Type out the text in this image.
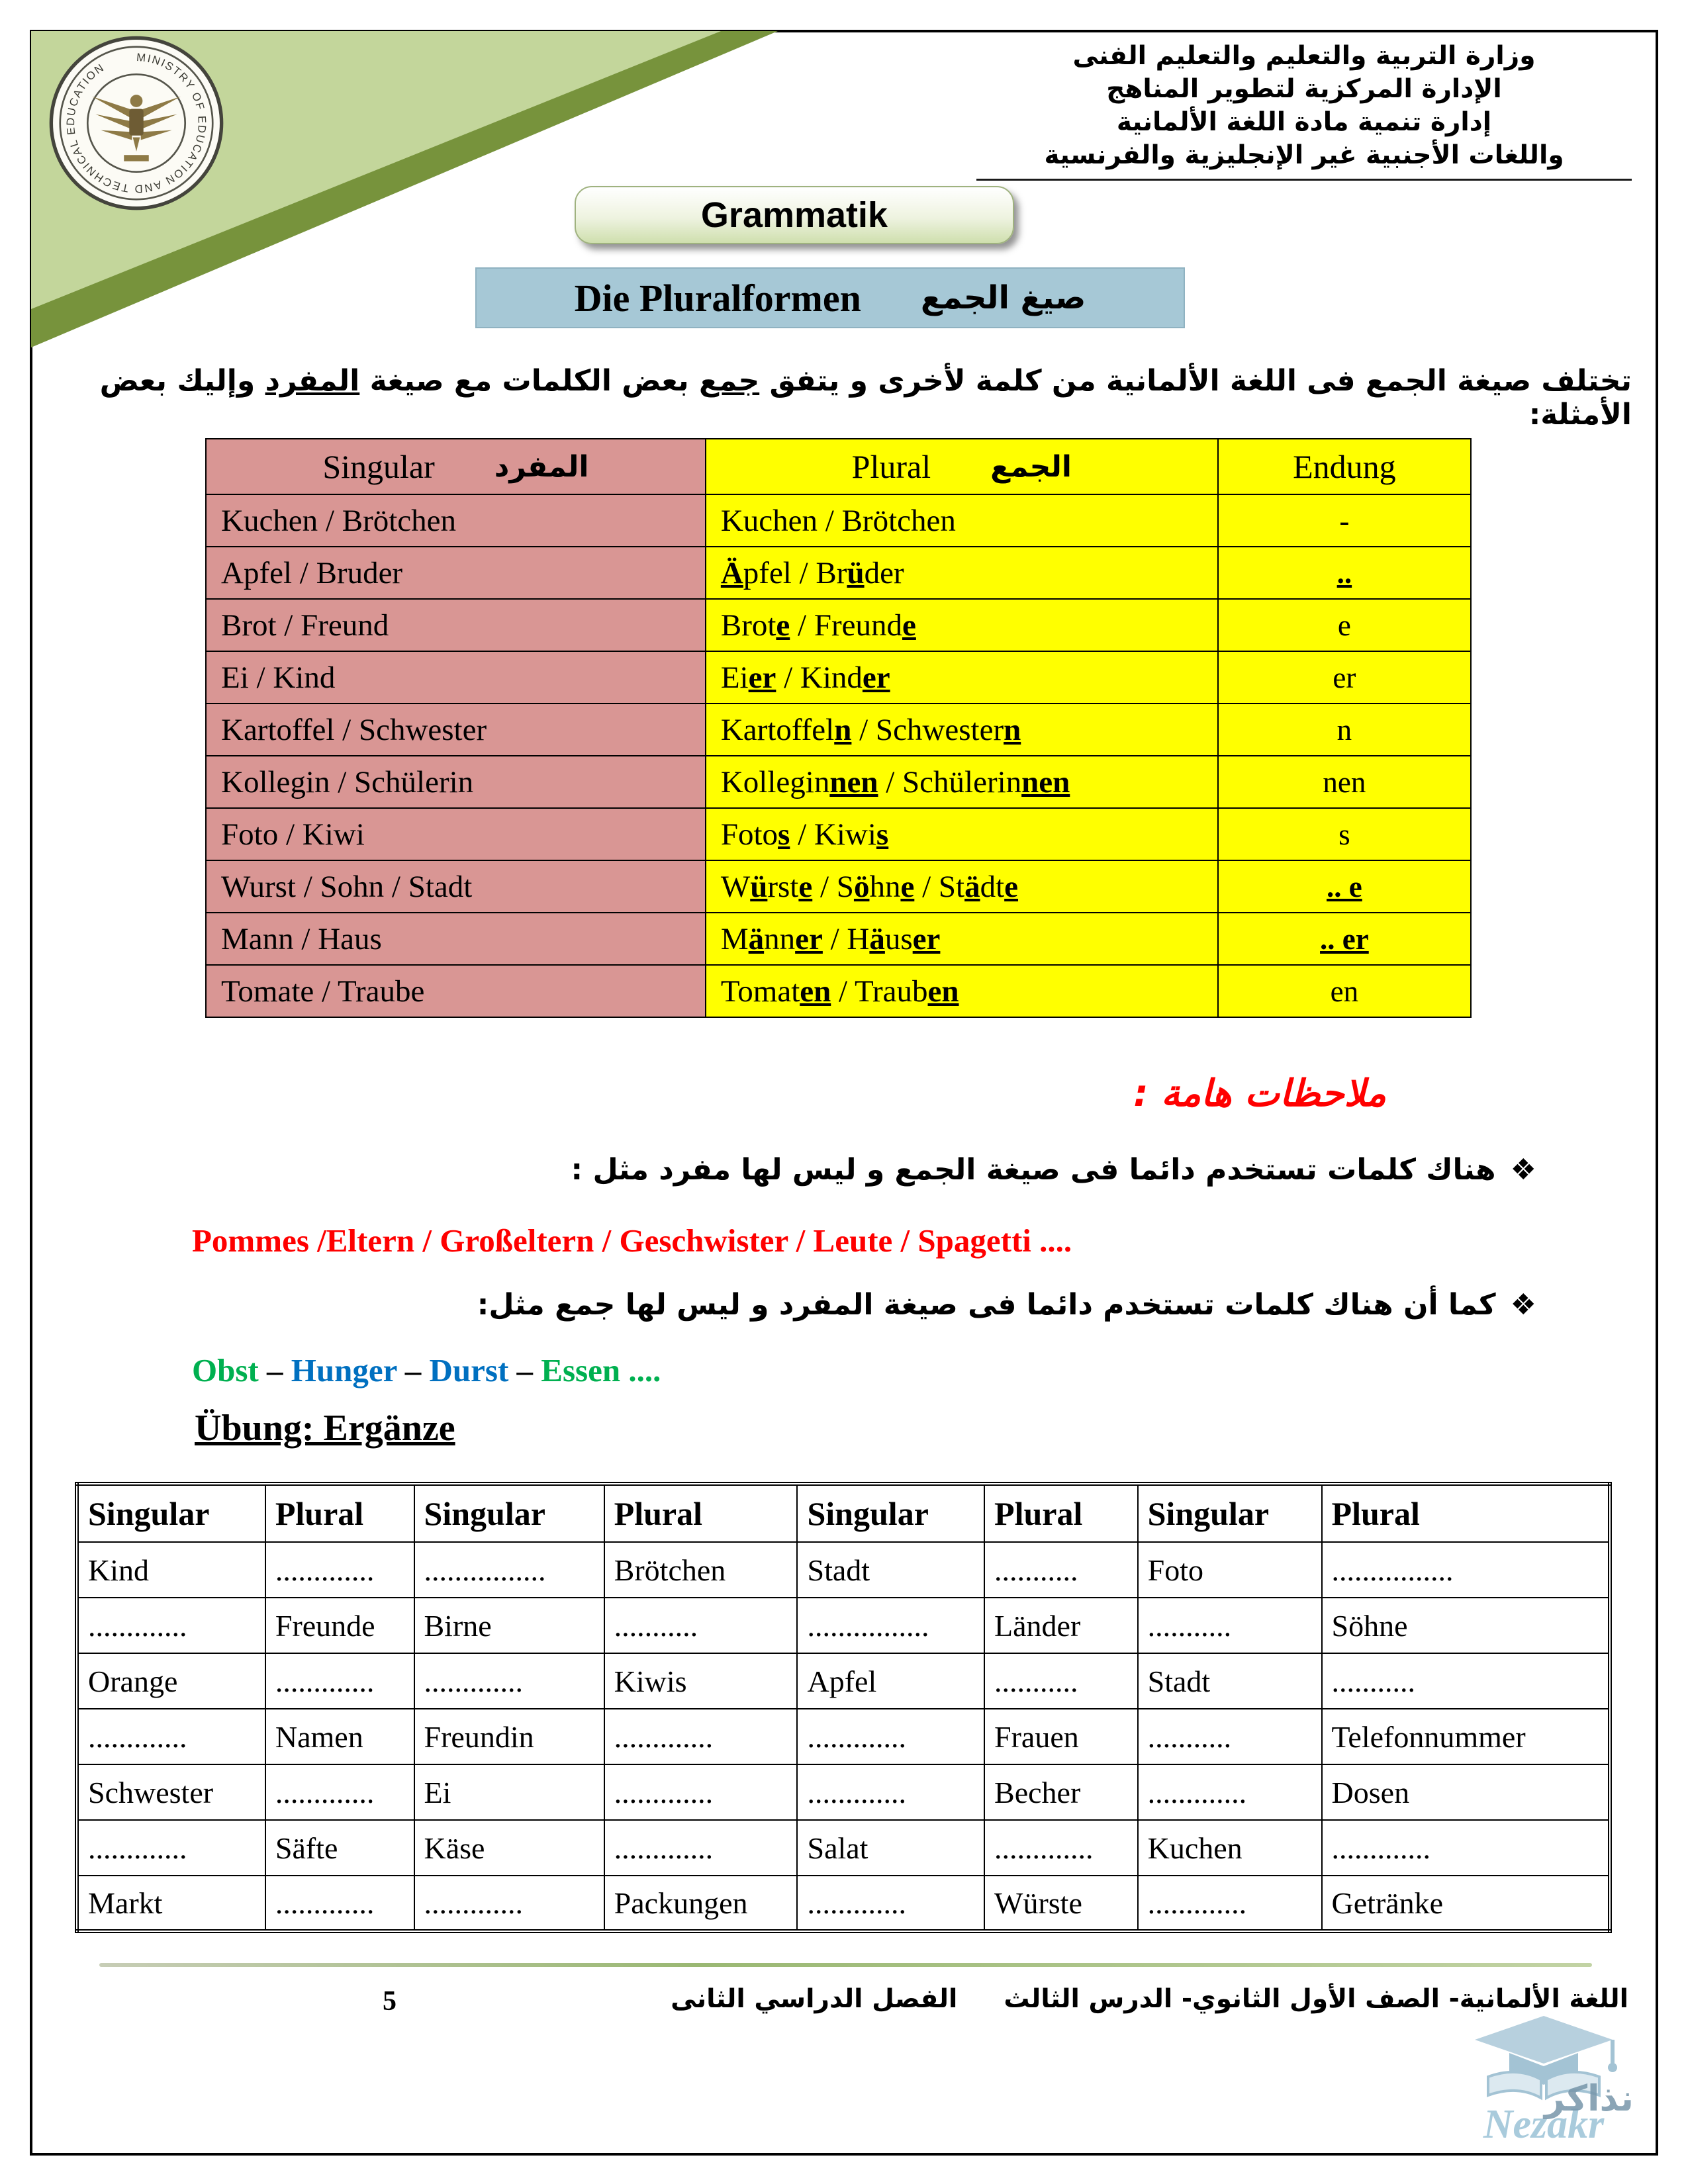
MINISTRY OF EDUCATION AND TECHNICAL EDUCATION	وزارة التربية والتعليم والتعليم الفنى
الإدارة المركزية لتطوير المناهج
إدارة تنمية مادة اللغة الألمانية
واللغات الأجنبية غير الإنجليزية والفرنسية
Grammatik
Die Pluralformen صيغ الجمع
تختلف صيغة الجمع فى اللغة الألمانية من كلمة لأخرى و يتفق جمع بعض الكلمات مع صيغة المفرد وإليك بعض الأمثلة:
Singular المفرد	Plural الجمع	Endung
Kuchen / Brötchen	Kuchen / Brötchen	-
Apfel / Bruder	Äpfel / Brüder	..
Brot / Freund	Brote / Freunde	e
Ei / Kind	Eier / Kinder	er
Kartoffel / Schwester	Kartoffeln / Schwestern	n
Kollegin / Schülerin	Kolleginnen / Schülerinnen	nen
Foto / Kiwi	Fotos / Kiwis	s
Wurst / Sohn / Stadt	Würste / Söhne / Städte	.. e
Mann / Haus	Männer / Häuser	.. er
Tomate / Traube	Tomaten / Trauben	en
ملاحظات هامة :
❖
هناك كلمات تستخدم دائما فى صيغة الجمع و ليس لها مفرد مثل :
Pommes /Eltern / Großeltern / Geschwister / Leute / Spagetti ....
❖
كما أن هناك كلمات تستخدم دائما فى صيغة المفرد و ليس لها جمع مثل:
Obst – Hunger – Durst – Essen ....
Übung: Ergänze
Singular	Plural	Singular	Plural	Singular	Plural	Singular	Plural
Kind	.............	................	Brötchen	Stadt	...........	Foto	................
.............	Freunde	Birne	...........	................	Länder	...........	Söhne
Orange	.............	.............	Kiwis	Apfel	...........	Stadt	...........
.............	Namen	Freundin	.............	.............	Frauen	...........	Telefonnummer
Schwester	.............	Ei	.............	.............	Becher	.............	Dosen
.............	Säfte	Käse	.............	Salat	.............	Kuchen	.............
Markt	.............	.............	Packungen	.............	Würste	.............	Getränke
اللغة الألمانية- الصف الأول الثانوي- الدرس الثالث
الفصل الدراسي الثانى
5
نذاكر
Nezakr
